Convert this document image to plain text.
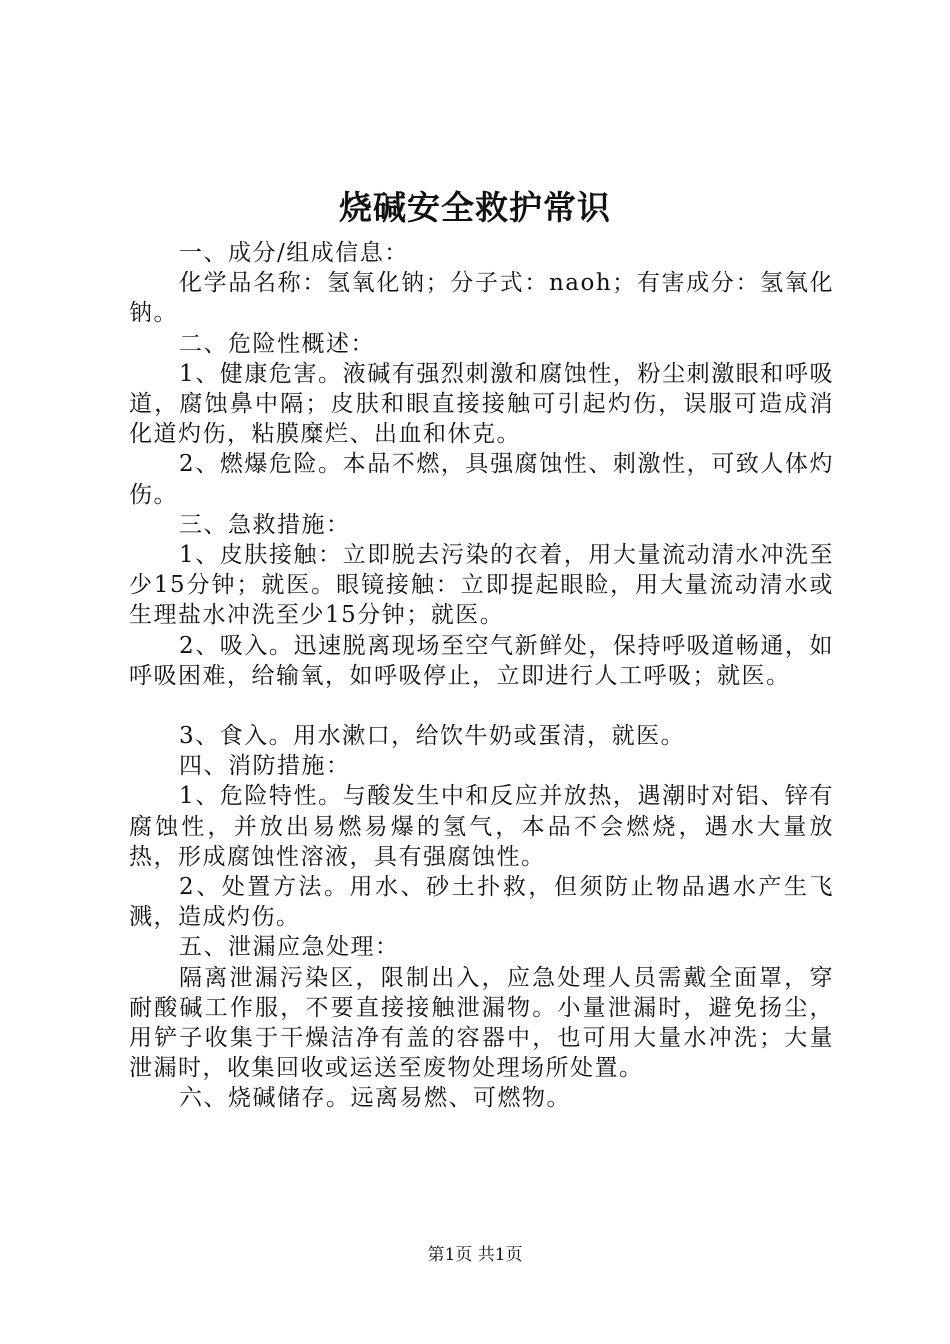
烧碱安全救护常识

一、成分/组成信息：

化学品名称：氢氧化钠；分子式：naoh；有害成分：氢氧化钠。

二、危险性概述：

1、健康危害。液碱有强烈刺激和腐蚀性，粉尘刺激眼和呼吸道，腐蚀鼻中隔；皮肤和眼直接接触可引起灼伤，误服可造成消化道灼伤，粘膜糜烂、出血和休克。

2、燃爆危险。本品不燃，具强腐蚀性、刺激性，可致人体灼伤。

三、急救措施：

1、皮肤接触：立即脱去污染的衣着，用大量流动清水冲洗至少15分钟；就医。眼镜接触：立即提起眼睑，用大量流动清水或生理盐水冲洗至少15分钟；就医。

2、吸入。迅速脱离现场至空气新鲜处，保持呼吸道畅通，如呼吸困难，给输氧，如呼吸停止，立即进行人工呼吸；就医。

3、食入。用水漱口，给饮牛奶或蛋清，就医。

四、消防措施：

1、危险特性。与酸发生中和反应并放热，遇潮时对铝、锌有腐蚀性，并放出易燃易爆的氢气，本品不会燃烧，遇水大量放热，形成腐蚀性溶液，具有强腐蚀性。

2、处置方法。用水、砂土扑救，但须防止物品遇水产生飞溅，造成灼伤。

五、泄漏应急处理：

隔离泄漏污染区，限制出入，应急处理人员需戴全面罩，穿耐酸碱工作服，不要直接接触泄漏物。小量泄漏时，避免扬尘，用铲子收集于干燥洁净有盖的容器中，也可用大量水冲洗；大量泄漏时，收集回收或运送至废物处理场所处置。

六、烧碱储存。远离易燃、可燃物。

第1页 共1页
